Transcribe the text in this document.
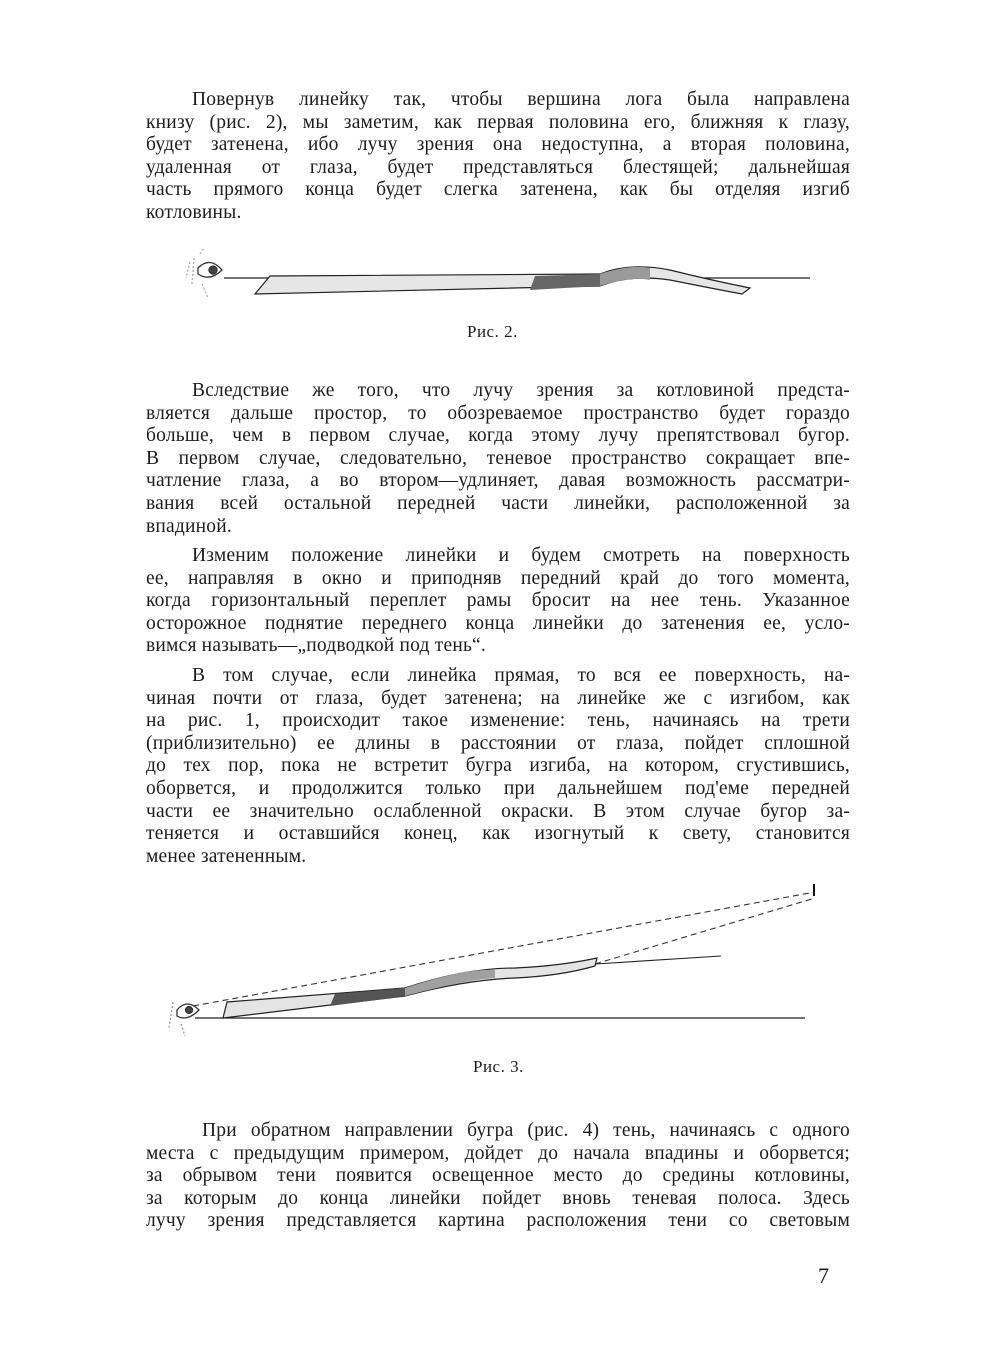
Повернув линейку так, чтобы вершина лога была направлена
книзу (рис. 2), мы заметим, как первая половина его, ближняя к глазу,
будет затенена, ибо лучу зрения она недоступна, а вторая половина,
удаленная от глаза, будет представляться блестящей; дальнейшая
часть прямого конца будет слегка затенена, как бы отделяя изгиб
котловины.
Рис. 2.
Вследствие же того, что лучу зрения за котловиной предста-
вляется дальше простор, то обозреваемое пространство будет гораздо
больше, чем в первом случае, когда этому лучу препятствовал бугор.
В первом случае, следовательно, теневое пространство сокращает впе-
чатление глаза, а во втором—удлиняет, давая возможность рассматри-
вания всей остальной передней части линейки, расположенной за
впадиной.
Изменим положение линейки и будем смотреть на поверхность
ее, направляя в окно и приподняв передний край до того момента,
когда горизонтальный переплет рамы бросит на нее тень. Указанное
осторожное поднятие переднего конца линейки до затенения ее, усло-
вимся называть—„подводкой под тень“.
В том случае, если линейка прямая, то вся ее поверхность, на-
чиная почти от глаза, будет затенена; на линейке же с изгибом, как
на рис. 1, происходит такое изменение: тень, начинаясь на трети
(приблизительно) ее длины в расстоянии от глаза, пойдет сплошной
до тех пор, пока не встретит бугра изгиба, на котором, сгустившись,
оборвется, и продолжится только при дальнейшем под'еме передней
части ее значительно ослабленной окраски. В этом случае бугор за-
теняется и оставшийся конец, как изогнутый к свету, становится
менее затененным.
Рис. 3.
При обратном направлении бугра (рис. 4) тень, начинаясь с одного
места с предыдущим примером, дойдет до начала впадины и оборвется;
за обрывом тени появится освещенное место до средины котловины,
за которым до конца линейки пойдет вновь теневая полоса. Здесь
лучу зрения представляется картина расположения тени со световым
7
